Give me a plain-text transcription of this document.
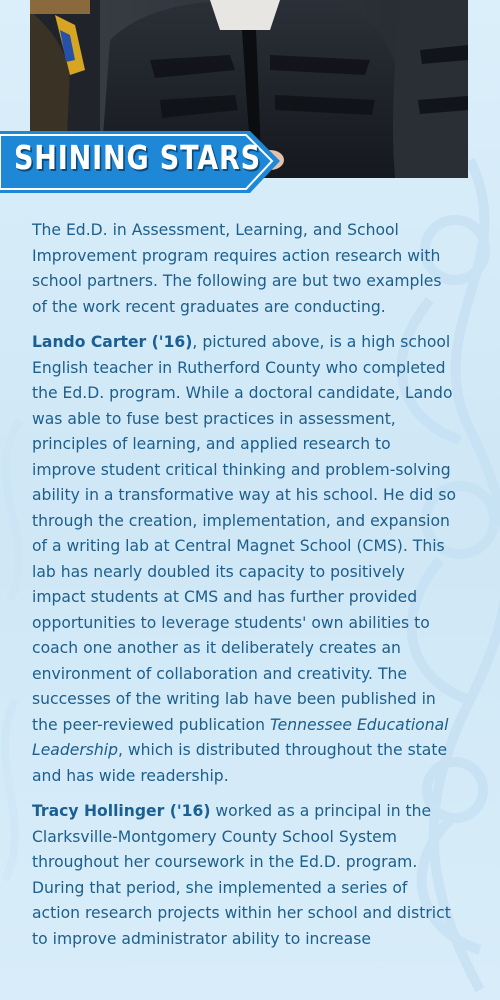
SHINING STARS

The Ed.D. in Assessment, Learning, and School Improvement program requires action research with school partners. The following are but two examples of the work recent graduates are conducting.

Lando Carter ('16), pictured above, is a high school English teacher in Rutherford County who completed the Ed.D. program. While a doctoral candidate, Lando was able to fuse best practices in assessment, principles of learning, and applied research to improve student critical thinking and problem-solving ability in a transformative way at his school. He did so through the creation, implementation, and expansion of a writing lab at Central Magnet School (CMS). This lab has nearly doubled its capacity to positively impact students at CMS and has further provided opportunities to leverage students' own abilities to coach one another as it deliberately creates an environment of collaboration and creativity. The successes of the writing lab have been published in the peer-reviewed publication Tennessee Educational Leadership, which is distributed throughout the state and has wide readership.

Tracy Hollinger ('16) worked as a principal in the Clarksville-Montgomery County School System throughout her coursework in the Ed.D. program. During that period, she implemented a series of action research projects within her school and district to improve administrator ability to increase
